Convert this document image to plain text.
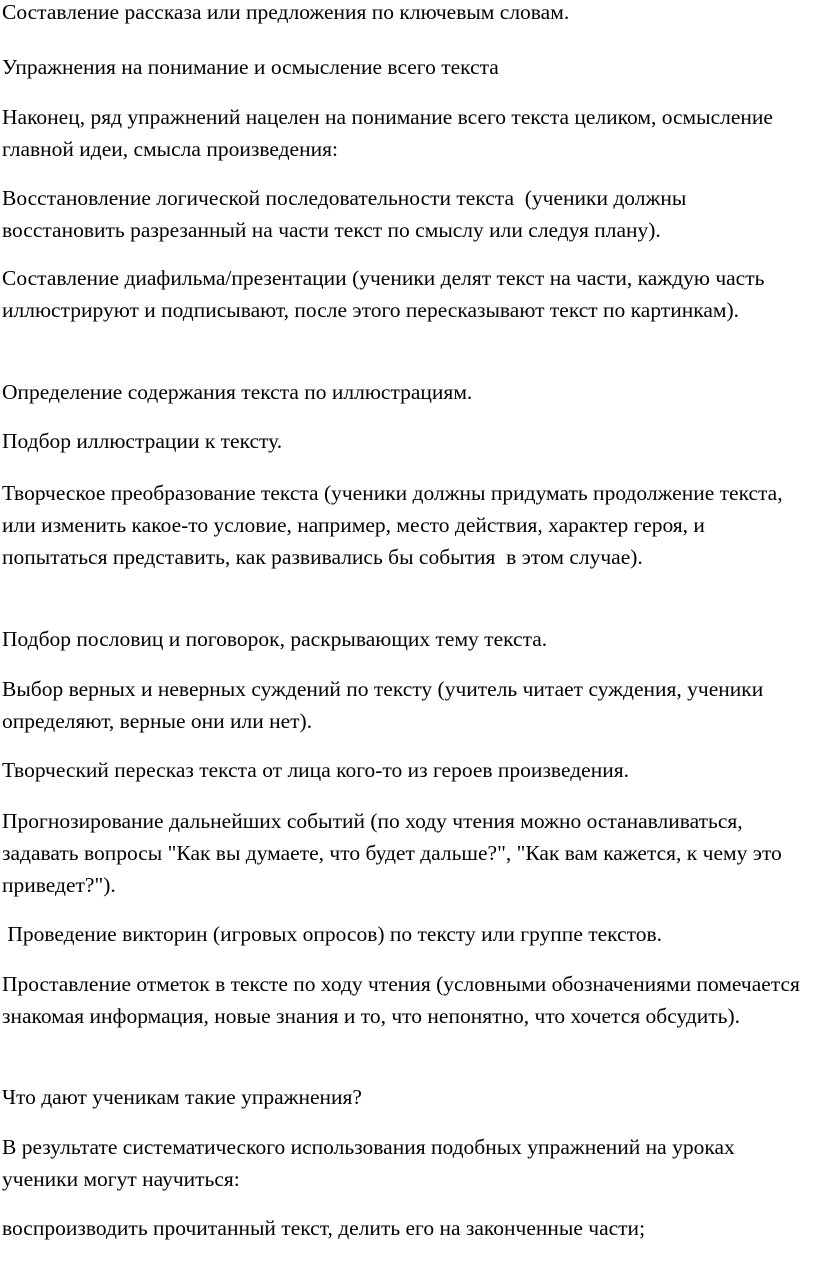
Составление рассказа или предложения по ключевым словам.

Упражнения на понимание и осмысление всего текста

Наконец, ряд упражнений нацелен на понимание всего текста целиком, осмысление главной идеи, смысла произведения:

Восстановление логической последовательности текста  (ученики должны восстановить разрезанный на части текст по смыслу или следуя плану).

Составление диафильма/презентации (ученики делят текст на части, каждую часть иллюстрируют и подписывают, после этого пересказывают текст по картинкам).

Определение содержания текста по иллюстрациям.

Подбор иллюстрации к тексту.

Творческое преобразование текста (ученики должны придумать продолжение текста, или изменить какое-то условие, например, место действия, характер героя, и попытаться представить, как развивались бы события  в этом случае).

Подбор пословиц и поговорок, раскрывающих тему текста.

Выбор верных и неверных суждений по тексту (учитель читает суждения, ученики определяют, верные они или нет).

Творческий пересказ текста от лица кого-то из героев произведения.

Прогнозирование дальнейших событий (по ходу чтения можно останавливаться, задавать вопросы "Как вы думаете, что будет дальше?", "Как вам кажется, к чему это приведет?").

Проведение викторин (игровых опросов) по тексту или группе текстов.

Проставление отметок в тексте по ходу чтения (условными обозначениями помечается знакомая информация, новые знания и то, что непонятно, что хочется обсудить).

Что дают ученикам такие упражнения?

В результате систематического использования подобных упражнений на уроках  ученики могут научиться:

воспроизводить прочитанный текст, делить его на законченные части;
